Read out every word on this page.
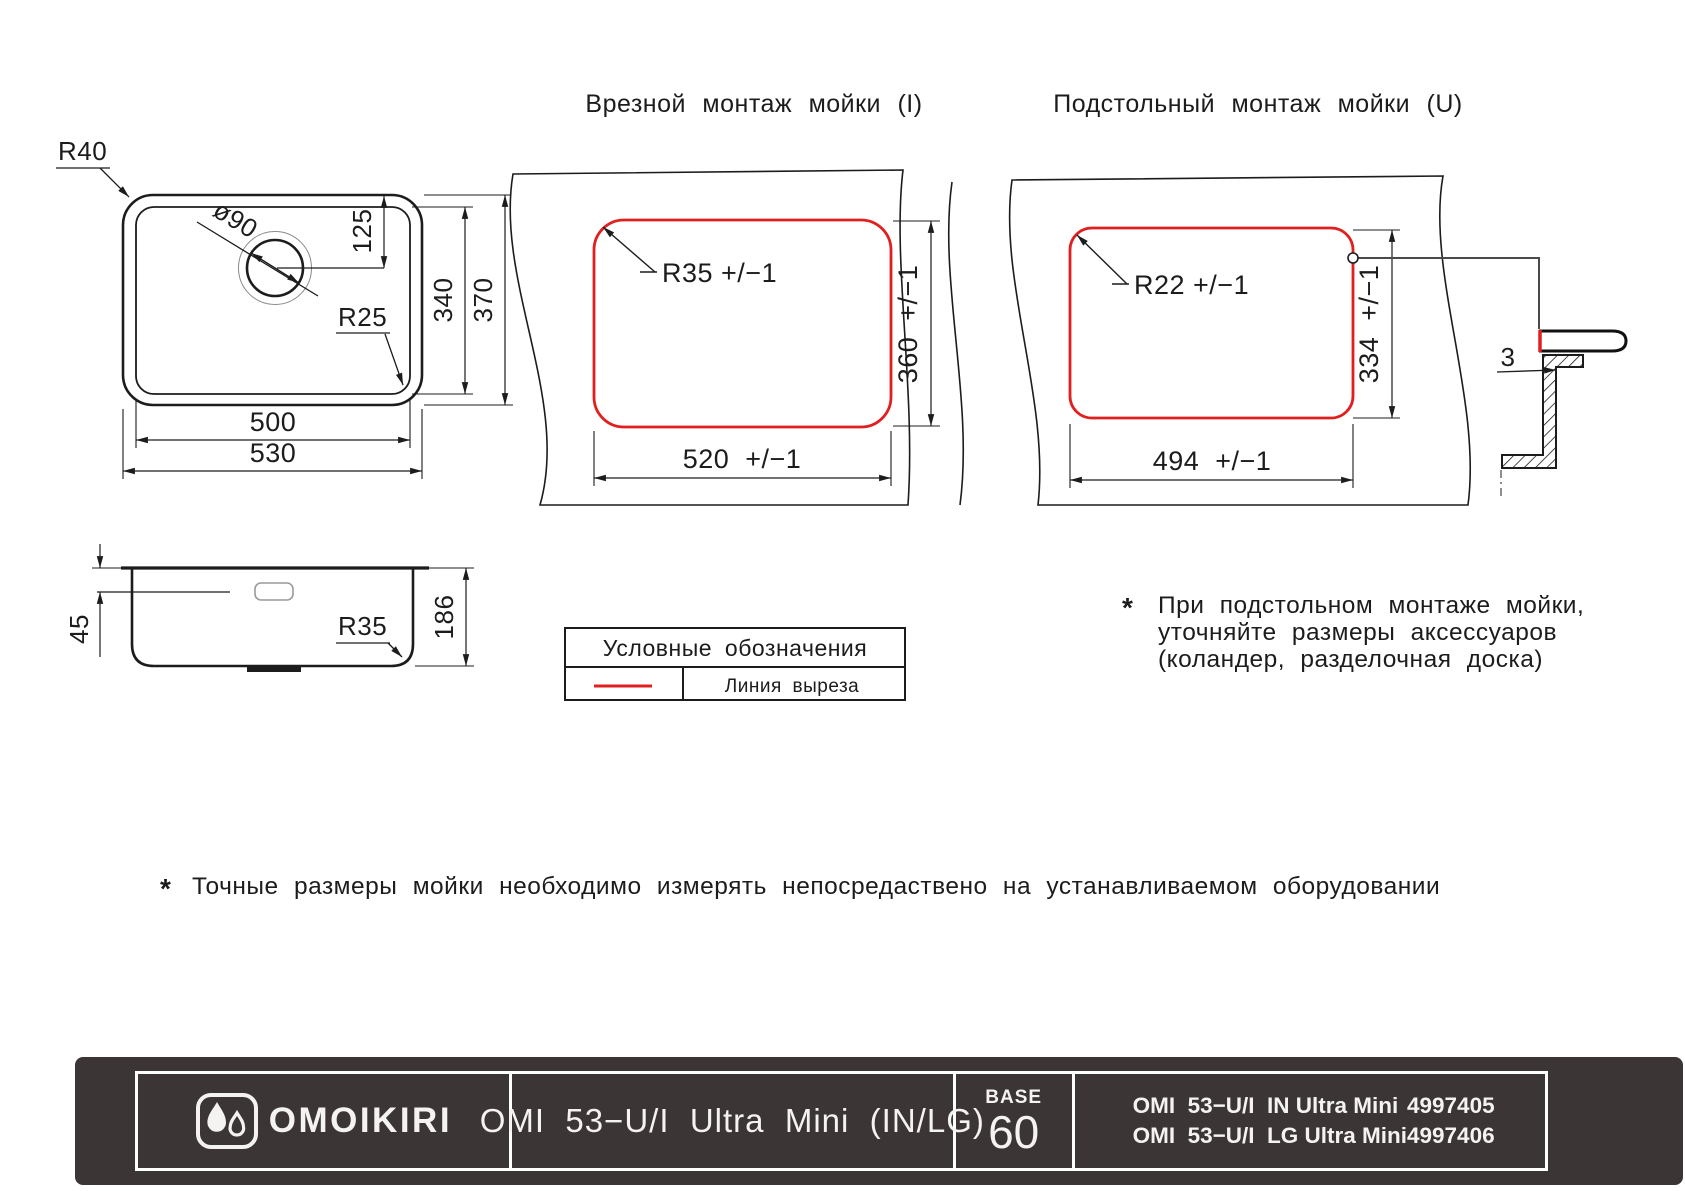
R40
ø90	125
340 370
R25
500
530
45	R35 186
Врезной монтаж мойки (I)
R35 +/−1	360  +/−1
520  +/−1
Подстольный монтаж мойки (U)
R22 +/−1	334  +/−1
494  +/−1
3
Условные обозначения
Линия выреза
* При подстольном монтаже мойки,
уточняйте размеры аксессуаров
(коландер, разделочная доска)
* Точные размеры мойки необходимо измерять непосредаствено на устанавливаемом оборудовании
OMOIKIRI OMI  53−U/I  Ultra  Mini  (IN/LG)
BASE
60	OMI  53−U/I  IN Ultra Mini 4997405
OMI  53−U/I  LG Ultra Mini 4997406
